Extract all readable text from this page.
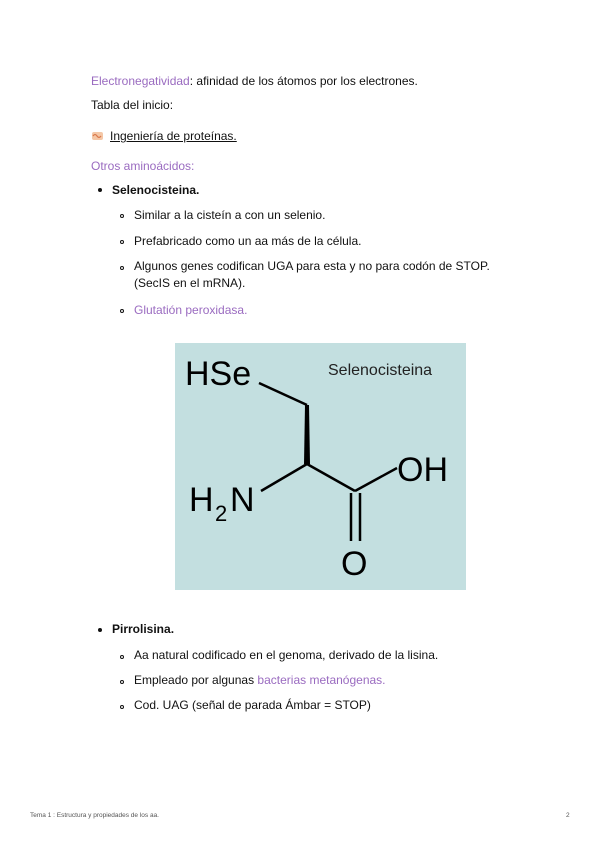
Electronegatividad: afinidad de los átomos por los electrones.
Tabla del inicio:
Ingeniería de proteínas.
Otros aminoácidos:
Selenocisteina.
Similar a la cisteín a con un selenio.
Prefabricado como un aa más de la célula.
Algunos genes codifican UGA para esta y no para codón de STOP.
(SecIS en el mRNA).
Glutatión peroxidasa.
HSe	Selenocisteina
OH
H 2 N
O
Pirrolisina.
Aa natural codificado en el genoma, derivado de la lisina.
Empleado por algunas bacterias metanógenas.
Cod. UAG (señal de parada Ámbar = STOP)
Tema 1 : Estructura y propiedades de los aa.	2
